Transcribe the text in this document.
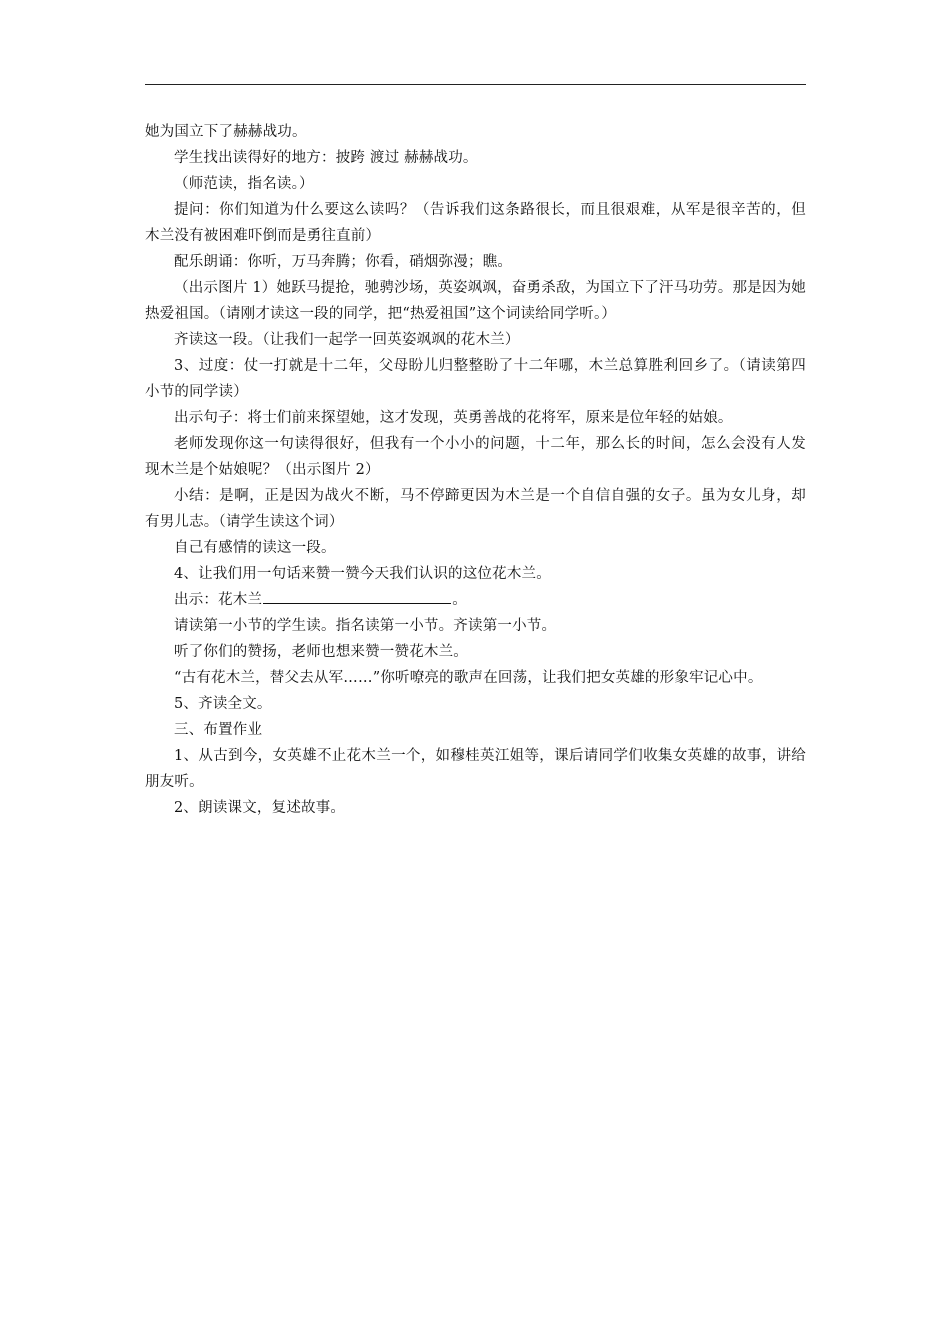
她为国立下了赫赫战功。

学生找出读得好的地方：披跨 渡过 赫赫战功。

（师范读，指名读。）

提问：你们知道为什么要这么读吗？（告诉我们这条路很长，而且很艰难，从军是很辛苦的，但木兰没有被困难吓倒而是勇往直前）

配乐朗诵：你听，万马奔腾；你看，硝烟弥漫；瞧。

（出示图片 1）她跃马提抢，驰骋沙场，英姿飒飒，奋勇杀敌，为国立下了汗马功劳。那是因为她热爱祖国。（请刚才读这一段的同学，把“热爱祖国”这个词读给同学听。）

齐读这一段。（让我们一起学一回英姿飒飒的花木兰）

3、过度：仗一打就是十二年，父母盼儿归整整盼了十二年哪，木兰总算胜利回乡了。（请读第四小节的同学读）

出示句子：将士们前来探望她，这才发现，英勇善战的花将军，原来是位年轻的姑娘。

老师发现你这一句读得很好，但我有一个小小的问题，十二年，那么长的时间，怎么会没有人发现木兰是个姑娘呢？（出示图片 2）

小结：是啊，正是因为战火不断，马不停蹄更因为木兰是一个自信自强的女子。虽为女儿身，却有男儿志。（请学生读这个词）

自己有感情的读这一段。

4、让我们用一句话来赞一赞今天我们认识的这位花木兰。

出示：花木兰	。

请读第一小节的学生读。指名读第一小节。齐读第一小节。

听了你们的赞扬，老师也想来赞一赞花木兰。

“古有花木兰，替父去从军……”你听嘹亮的歌声在回荡，让我们把女英雄的形象牢记心中。

5、齐读全文。

三、布置作业

1、从古到今，女英雄不止花木兰一个，如穆桂英江姐等，课后请同学们收集女英雄的故事，讲给朋友听。

2、朗读课文，复述故事。
